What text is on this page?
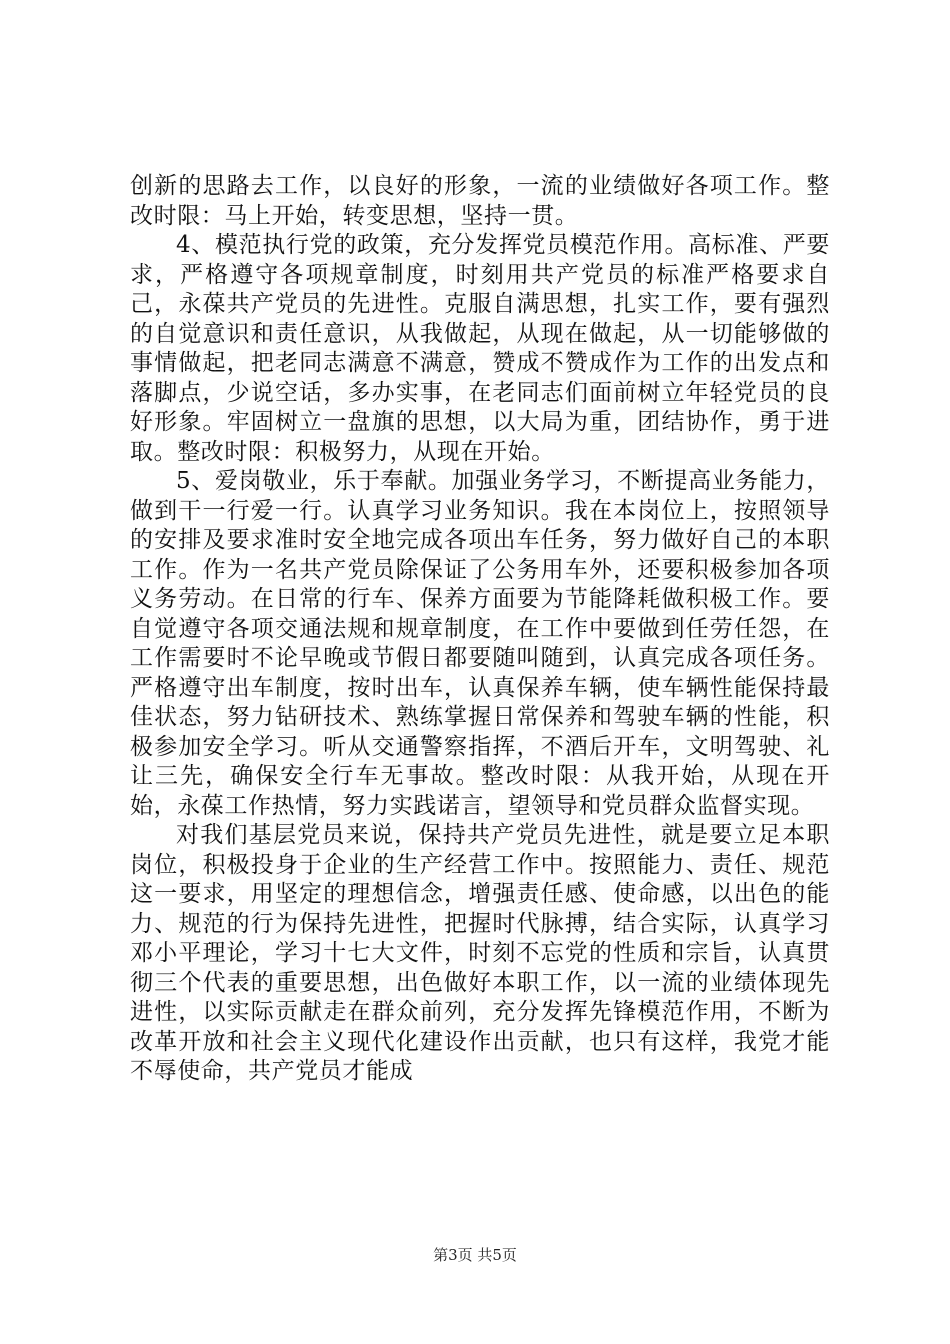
创新的思路去工作，以良好的形象，一流的业绩做好各项工作。整改时限：马上开始，转变思想，坚持一贯。

4、模范执行党的政策，充分发挥党员模范作用。高标准、严要求，严格遵守各项规章制度，时刻用共产党员的标准严格要求自己，永葆共产党员的先进性。克服自满思想，扎实工作，要有强烈的自觉意识和责任意识，从我做起，从现在做起，从一切能够做的事情做起，把老同志满意不满意，赞成不赞成作为工作的出发点和落脚点，少说空话，多办实事，在老同志们面前树立年轻党员的良好形象。牢固树立一盘旗的思想，以大局为重，团结协作，勇于进取。整改时限：积极努力，从现在开始。

5、爱岗敬业，乐于奉献。加强业务学习，不断提高业务能力，做到干一行爱一行。认真学习业务知识。我在本岗位上，按照领导的安排及要求准时安全地完成各项出车任务，努力做好自己的本职工作。作为一名共产党员除保证了公务用车外，还要积极参加各项义务劳动。在日常的行车、保养方面要为节能降耗做积极工作。要自觉遵守各项交通法规和规章制度，在工作中要做到任劳任怨，在工作需要时不论早晚或节假日都要随叫随到，认真完成各项任务。严格遵守出车制度，按时出车，认真保养车辆，使车辆性能保持最佳状态，努力钻研技术、熟练掌握日常保养和驾驶车辆的性能，积极参加安全学习。听从交通警察指挥，不酒后开车，文明驾驶、礼让三先，确保安全行车无事故。整改时限：从我开始，从现在开始，永葆工作热情，努力实践诺言，望领导和党员群众监督实现。

对我们基层党员来说，保持共产党员先进性，就是要立足本职岗位，积极投身于企业的生产经营工作中。按照能力、责任、规范这一要求，用坚定的理想信念，增强责任感、使命感，以出色的能力、规范的行为保持先进性，把握时代脉搏，结合实际，认真学习邓小平理论，学习十七大文件，时刻不忘党的性质和宗旨，认真贯彻三个代表的重要思想，出色做好本职工作，以一流的业绩体现先进性，以实际贡献走在群众前列，充分发挥先锋模范作用，不断为改革开放和社会主义现代化建设作出贡献，也只有这样，我党才能不辱使命，共产党员才能成

第3页 共5页
